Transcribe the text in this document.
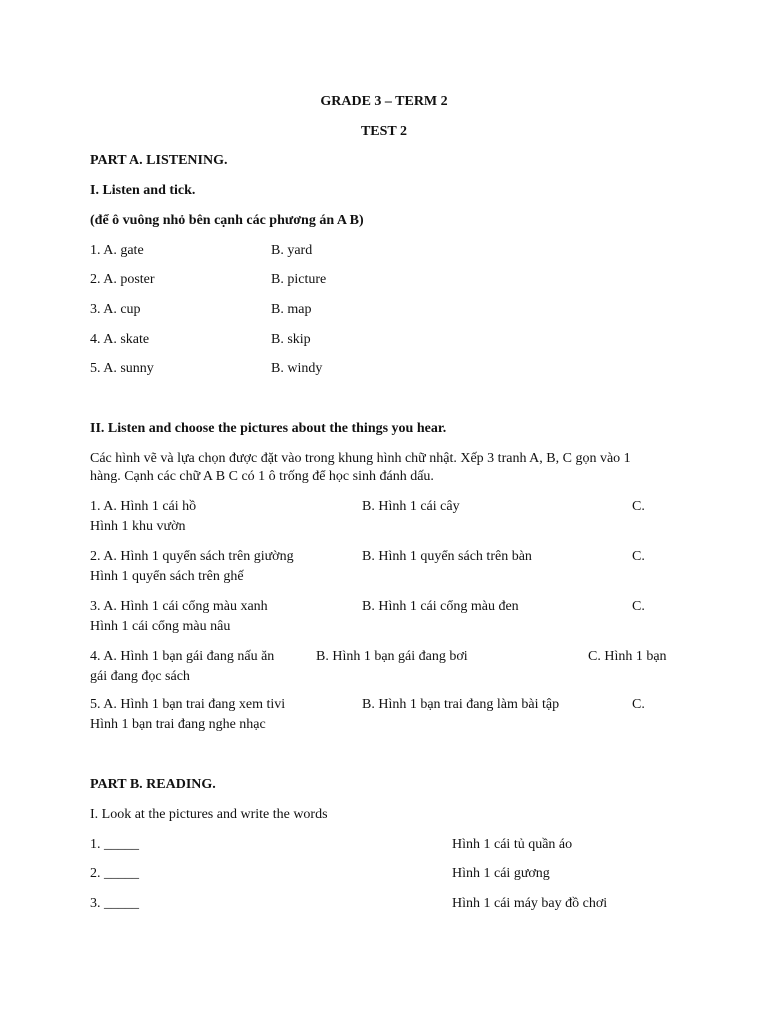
GRADE 3 – TERM 2
TEST 2
PART A. LISTENING.
I. Listen and tick.
(để ô vuông nhỏ bên cạnh các phương án A B)
1. A. gate	B. yard
2. A. poster	B. picture
3. A. cup	B. map
4. A. skate	B. skip
5. A. sunny	B. windy
II. Listen and choose the pictures about the things you hear.
Các hình vẽ và lựa chọn được đặt vào trong khung hình chữ nhật. Xếp 3 tranh A, B, C gọn vào 1
hàng. Cạnh các chữ A B C có 1 ô trống để học sinh đánh dấu.
1. A. Hình 1 cái hồ	B. Hình 1 cái cây	C.
Hình 1 khu vườn
2. A. Hình 1 quyển sách trên giường	B. Hình 1 quyển sách trên bàn	C.
Hình 1 quyển sách trên ghế
3. A. Hình 1 cái cổng màu xanh	B. Hình 1 cái cổng màu đen	C.
Hình 1 cái cổng màu nâu
4. A. Hình 1 bạn gái đang nấu ăn	B. Hình 1 bạn gái đang bơi	C. Hình 1 bạn
gái đang đọc sách
5. A. Hình 1 bạn trai đang xem tivi	B. Hình 1 bạn trai đang làm bài tập	C.
Hình 1 bạn trai đang nghe nhạc
PART B. READING.
I. Look at the pictures and write the words
1. _____	Hình 1 cái tủ quần áo
2. _____	Hình 1 cái gương
3. _____	Hình 1 cái máy bay đồ chơi
